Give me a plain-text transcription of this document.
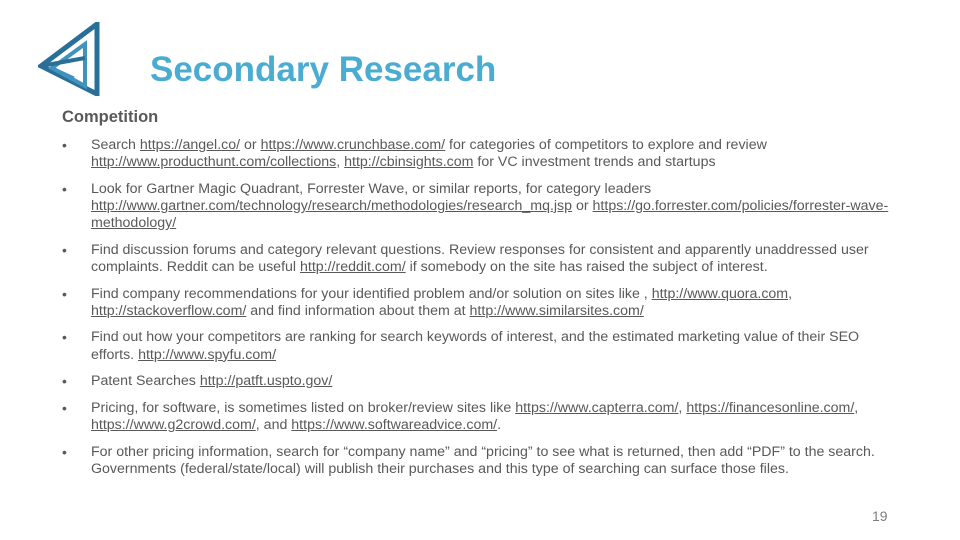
Secondary Research
Competition
• Search https://angel.co/ or https://www.crunchbase.com/ for categories of competitors to explore and review http://www.producthunt.com/collections, http://cbinsights.com for VC investment trends and startups
• Look for Gartner Magic Quadrant, Forrester Wave, or similar reports, for category leaders http://www.gartner.com/technology/research/methodologies/research_mq.jsp or https://go.forrester.com/policies/forrester-wave-methodology/
• Find discussion forums and category relevant questions. Review responses for consistent and apparently unaddressed user complaints. Reddit can be useful http://reddit.com/ if somebody on the site has raised the subject of interest.
• Find company recommendations for your identified problem and/or solution on sites like , http://www.quora.com, http://stackoverflow.com/ and find information about them at http://www.similarsites.com/
• Find out how your competitors are ranking for search keywords of interest, and the estimated marketing value of their SEO efforts. http://www.spyfu.com/
• Patent Searches http://patft.uspto.gov/
• Pricing, for software, is sometimes listed on broker/review sites like https://www.capterra.com/, https://financesonline.com/, https://www.g2crowd.com/, and https://www.softwareadvice.com/.
• For other pricing information, search for “company name” and “pricing” to see what is returned, then add “PDF” to the search. Governments (federal/state/local) will publish their purchases and this type of searching can surface those files.
19
